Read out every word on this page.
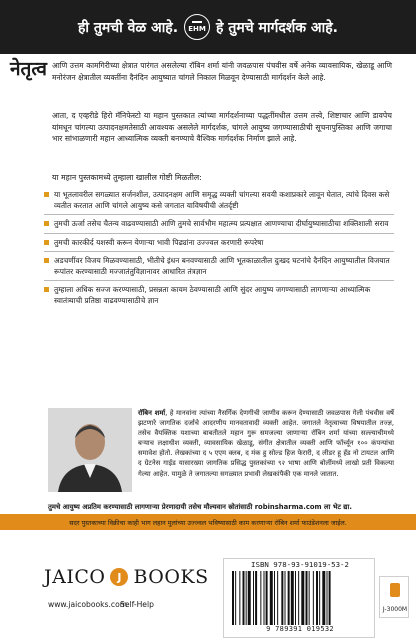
ही तुमची वेळ आहे. EHM हे तुमचे मार्गदर्शक आहे.
नेतृत्व आणि उत्तम कामगिरीच्या क्षेत्रात पारंगत असलेल्या रॉबिन शर्मा यांनी जवळपास पंचवीस वर्षे अनेक व्यावसायिक, खेळाडू आणि मनोरंजन क्षेत्रातील व्यक्तींना दैनंदिन आयुष्यात चांगले निकाल मिळवून देण्यासाठी मार्गदर्शन केले आहे.

आता, द एव्हरीडे हिरो मॅनिफेस्टो या महान पुस्तकात त्यांच्या मार्गदर्शनाच्या पद्धतींमधील उत्तम तत्त्वे, शिष्टाचार आणि डावपेच यांमधून चांगल्या उत्पादनक्षमतेसाठी आवश्यक असलेले मार्गदर्शक, चांगले आयुष्य जगण्यासाठीची सूचनापुस्तिका आणि जगाचा भार सांभाळणारी महान आध्यात्मिक व्यक्ती बनण्याचे वैश्विक मार्गदर्शक निर्माण झाले आहे.

या महान पुस्तकामध्ये तुम्हाला खालील गोष्टी मिळतील:

या भूतलावरील सगळ्यात सर्जनशील, उत्पादनक्षम आणि समृद्ध व्यक्ती चांगल्या सवयी कशाप्रकारे लावून घेतात, त्यांचे दिवस कसे व्यतीत करतात आणि चांगले आयुष्य कसे जगतात याविषयीची अंतर्दृष्टी
तुमची ऊर्जा तसेच चैतन्य वाढवण्यासाठी आणि तुमचे सार्वभौम महात्म्य प्रत्यक्षात आणण्याचा दीर्घायुष्यासाठीचा शक्तिशाली सराव
तुमची कारकीर्द यशस्वी करून येणाऱ्या भावी पिढ्यांना उज्ज्वल करणारी रूपरेषा
अडचणींवर विजय मिळवण्यासाठी, भीतीचे इंधन बनवण्यासाठी आणि भूतकाळातील दुःखद घटनांचे दैनंदिन आयुष्यातील विजयात रूपांतर करण्यासाठी मज्जातंतुविज्ञानावर आधारित तंत्रज्ञान
तुम्हाला अधिक सज्ज करण्यासाठी, प्रसन्नता कायम ठेवण्यासाठी आणि सुंदर आयुष्य जगण्यासाठी लागणाऱ्या आध्यात्मिक स्वातंत्र्याची प्रतिष्ठा वाढवण्यासाठीचे ज्ञान

रॉबिन शर्मा, हे मानवांना त्यांच्या नैसर्गिक देणगीची जाणीव करून देण्यासाठी जवळपास गेली पंचवीस वर्षे झटणारे जागतिक दर्जाचे आदरणीय मानवतावादी व्यक्ती आहेत. जगातले नेतृत्वाच्या विषयातील तज्ज्ञ, तसेच वैयक्तिक यशाच्या बाबतीतले महान गुरू समजल्या जाणाऱ्या रॉबिन शर्मा यांच्या सल्ल्याचीमध्ये बऱ्याच लक्षाधीश व्यक्ती, व्यावसायिक खेळाडू, संगीत क्षेत्रातील व्यक्ती आणि फॉर्च्यून १०० कंपन्यांचा समावेश होतो. लेखकांच्या द ५ एएम क्लब, द मंक हु सोल्ड हिज फेरारी, द लीडर हू हॅड नो टायटल आणि द ग्रेटनेस गाईड यासारख्या जागतिक प्रसिद्ध पुस्तकांच्या ९२ भाषा आणि बोलींमध्ये लाखो प्रती विकल्या गेल्या आहेत. यामुळे ते जगातल्या सगळ्यात प्रभावी लेखकांपैकी एक मानले जातात.

तुमचे आयुष्य अप्रतिम करण्यासाठी लागणाऱ्या प्रेरणादायी तसेच मौल्यवान स्रोतांसाठी robinsharma.com ला भेट द्या.

सदर पुस्तकाच्या विक्रीचा काही भाग लहान मुलांच्या उज्ज्वल भविष्यासाठी काम करणाऱ्या रॉबिन शर्मा फाउंडेशनला जाईल.
JAICO J BOOKS
www.jaicobooks.com
Self-Help
ISBN 978-93-91019-53-2
9 789391 019532
J-3000M
